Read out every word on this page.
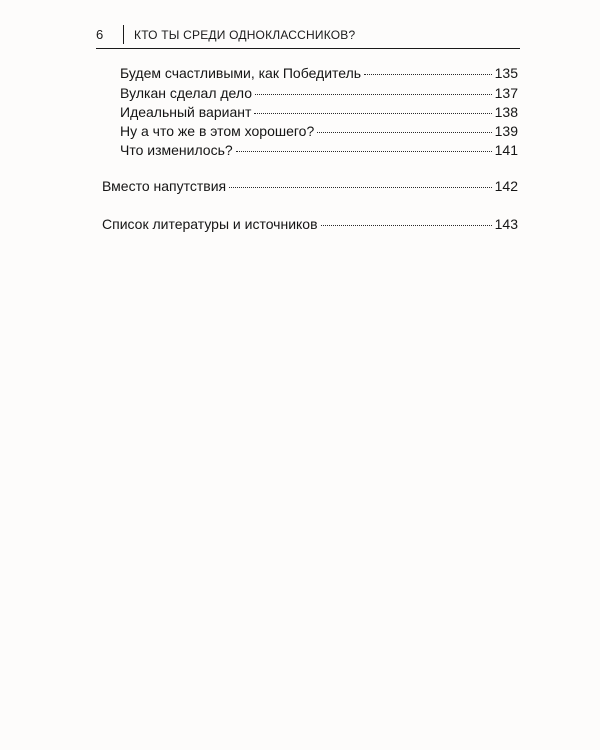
6	КТО ТЫ СРЕДИ ОДНОКЛАССНИКОВ?
Будем счастливыми, как Победитель	135
Вулкан сделал дело	137
Идеальный вариант	138
Ну а что же в этом хорошего?	139
Что изменилось?	141
Вместо напутствия	142
Список литературы и источников	143
